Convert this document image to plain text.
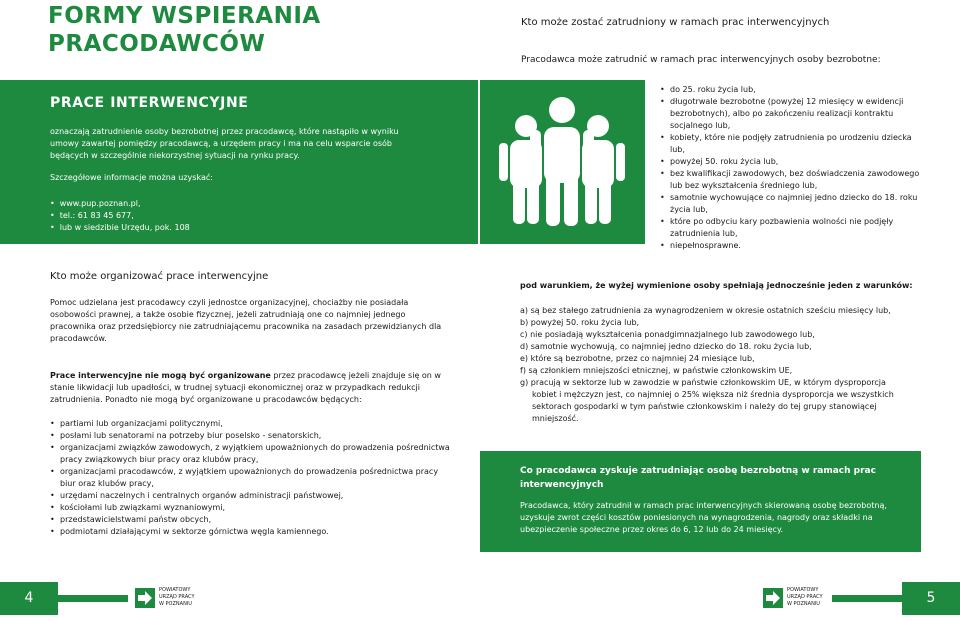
FORMY WSPIERANIA PRACODAWCÓW
Kto może zostać zatrudniony w ramach prac interwencyjnych
Pracodawca może zatrudnić w ramach prac interwencyjnych osoby bezrobotne:
PRACE INTERWENCYJNE
oznaczają zatrudnienie osoby bezrobotnej przez pracodawcę, które nastąpiło w wyniku umowy zawartej pomiędzy pracodawcą, a urzędem pracy i ma na celu wsparcie osób będących w szczególnie niekorzystnej sytuacji na rynku pracy.
Szczegółowe informacje można uzyskać:
• www.pup.poznan.pl,
• tel.: 61 83 45 677,
• lub w siedzibie Urzędu, pok. 108
• do 25. roku życia lub,
• długotrwale bezrobotne (powyżej 12 miesięcy w ewidencji bezrobotnych), albo po zakończeniu realizacji kontraktu socjalnego lub,
• kobiety, które nie podjęły zatrudnienia po urodzeniu dziecka lub,
• powyżej 50. roku życia lub,
• bez kwalifikacji zawodowych, bez doświadczenia zawodowego lub bez wykształcenia średniego lub,
• samotnie wychowujące co najmniej jedno dziecko do 18. roku życia lub,
• które po odbyciu kary pozbawienia wolności nie podjęły zatrudnienia lub,
• niepełnosprawne.
Kto może organizować prace interwencyjne
Pomoc udzielana jest pracodawcy czyli jednostce organizacyjnej, chociażby nie posiadała osobowości prawnej, a także osobie fizycznej, jeżeli zatrudniają one co najmniej jednego pracownika oraz przedsiębiorcy nie zatrudniającemu pracownika na zasadach przewidzianych dla pracodawców.
Prace interwencyjne nie mogą być organizowane przez pracodawcę jeżeli znajduje się on w stanie likwidacji lub upadłości, w trudnej sytuacji ekonomicznej oraz w przypadkach redukcji zatrudnienia. Ponadto nie mogą być organizowane u pracodawców będących:
• partiami lub organizacjami politycznymi,
• posłami lub senatorami na potrzeby biur poselsko - senatorskich,
• organizacjami związków zawodowych, z wyjątkiem upoważnionych do prowadzenia pośrednictwa pracy związkowych biur pracy oraz klubów pracy,
• organizacjami pracodawców, z wyjątkiem upoważnionych do prowadzenia pośrednictwa pracy biur oraz klubów pracy,
• urzędami naczelnych i centralnych organów administracji państwowej,
• kościołami lub związkami wyznaniowymi,
• przedstawicielstwami państw obcych,
• podmiotami działającymi w sektorze górnictwa węgla kamiennego.
pod warunkiem, że wyżej wymienione osoby spełniają jednocześnie jeden z warunków:
a) są bez stałego zatrudnienia za wynagrodzeniem w okresie ostatnich sześciu miesięcy lub,
b) powyżej 50. roku życia lub,
c) nie posiadają wykształcenia ponadgimnazjalnego lub zawodowego lub,
d) samotnie wychowują, co najmniej jedno dziecko do 18. roku życia lub,
e) które są bezrobotne, przez co najmniej 24 miesiące lub,
f) są członkiem mniejszości etnicznej, w państwie członkowskim UE,
g) pracują w sektorze lub w zawodzie w państwie członkowskim UE, w którym dysproporcja kobiet i mężczyzn jest, co najmniej o 25% większa niż średnia dysproporcja we wszystkich sektorach gospodarki w tym państwie członkowskim i należy do tej grupy stanowiącej mniejszość.
Co pracodawca zyskuje zatrudniając osobę bezrobotną w ramach prac interwencyjnych
Pracodawca, który zatrudnił w ramach prac interwencyjnych skierowaną osobę bezrobotną, uzyskuje zwrot części kosztów poniesionych na wynagrodzenia, nagrody oraz składki na ubezpieczenie społeczne przez okres do 6, 12 lub do 24 miesięcy.
4	POWIATOWY
URZĄD PRACY
W POZNANIU	5
POWIATOWY
URZĄD PRACY
W POZNANIU
